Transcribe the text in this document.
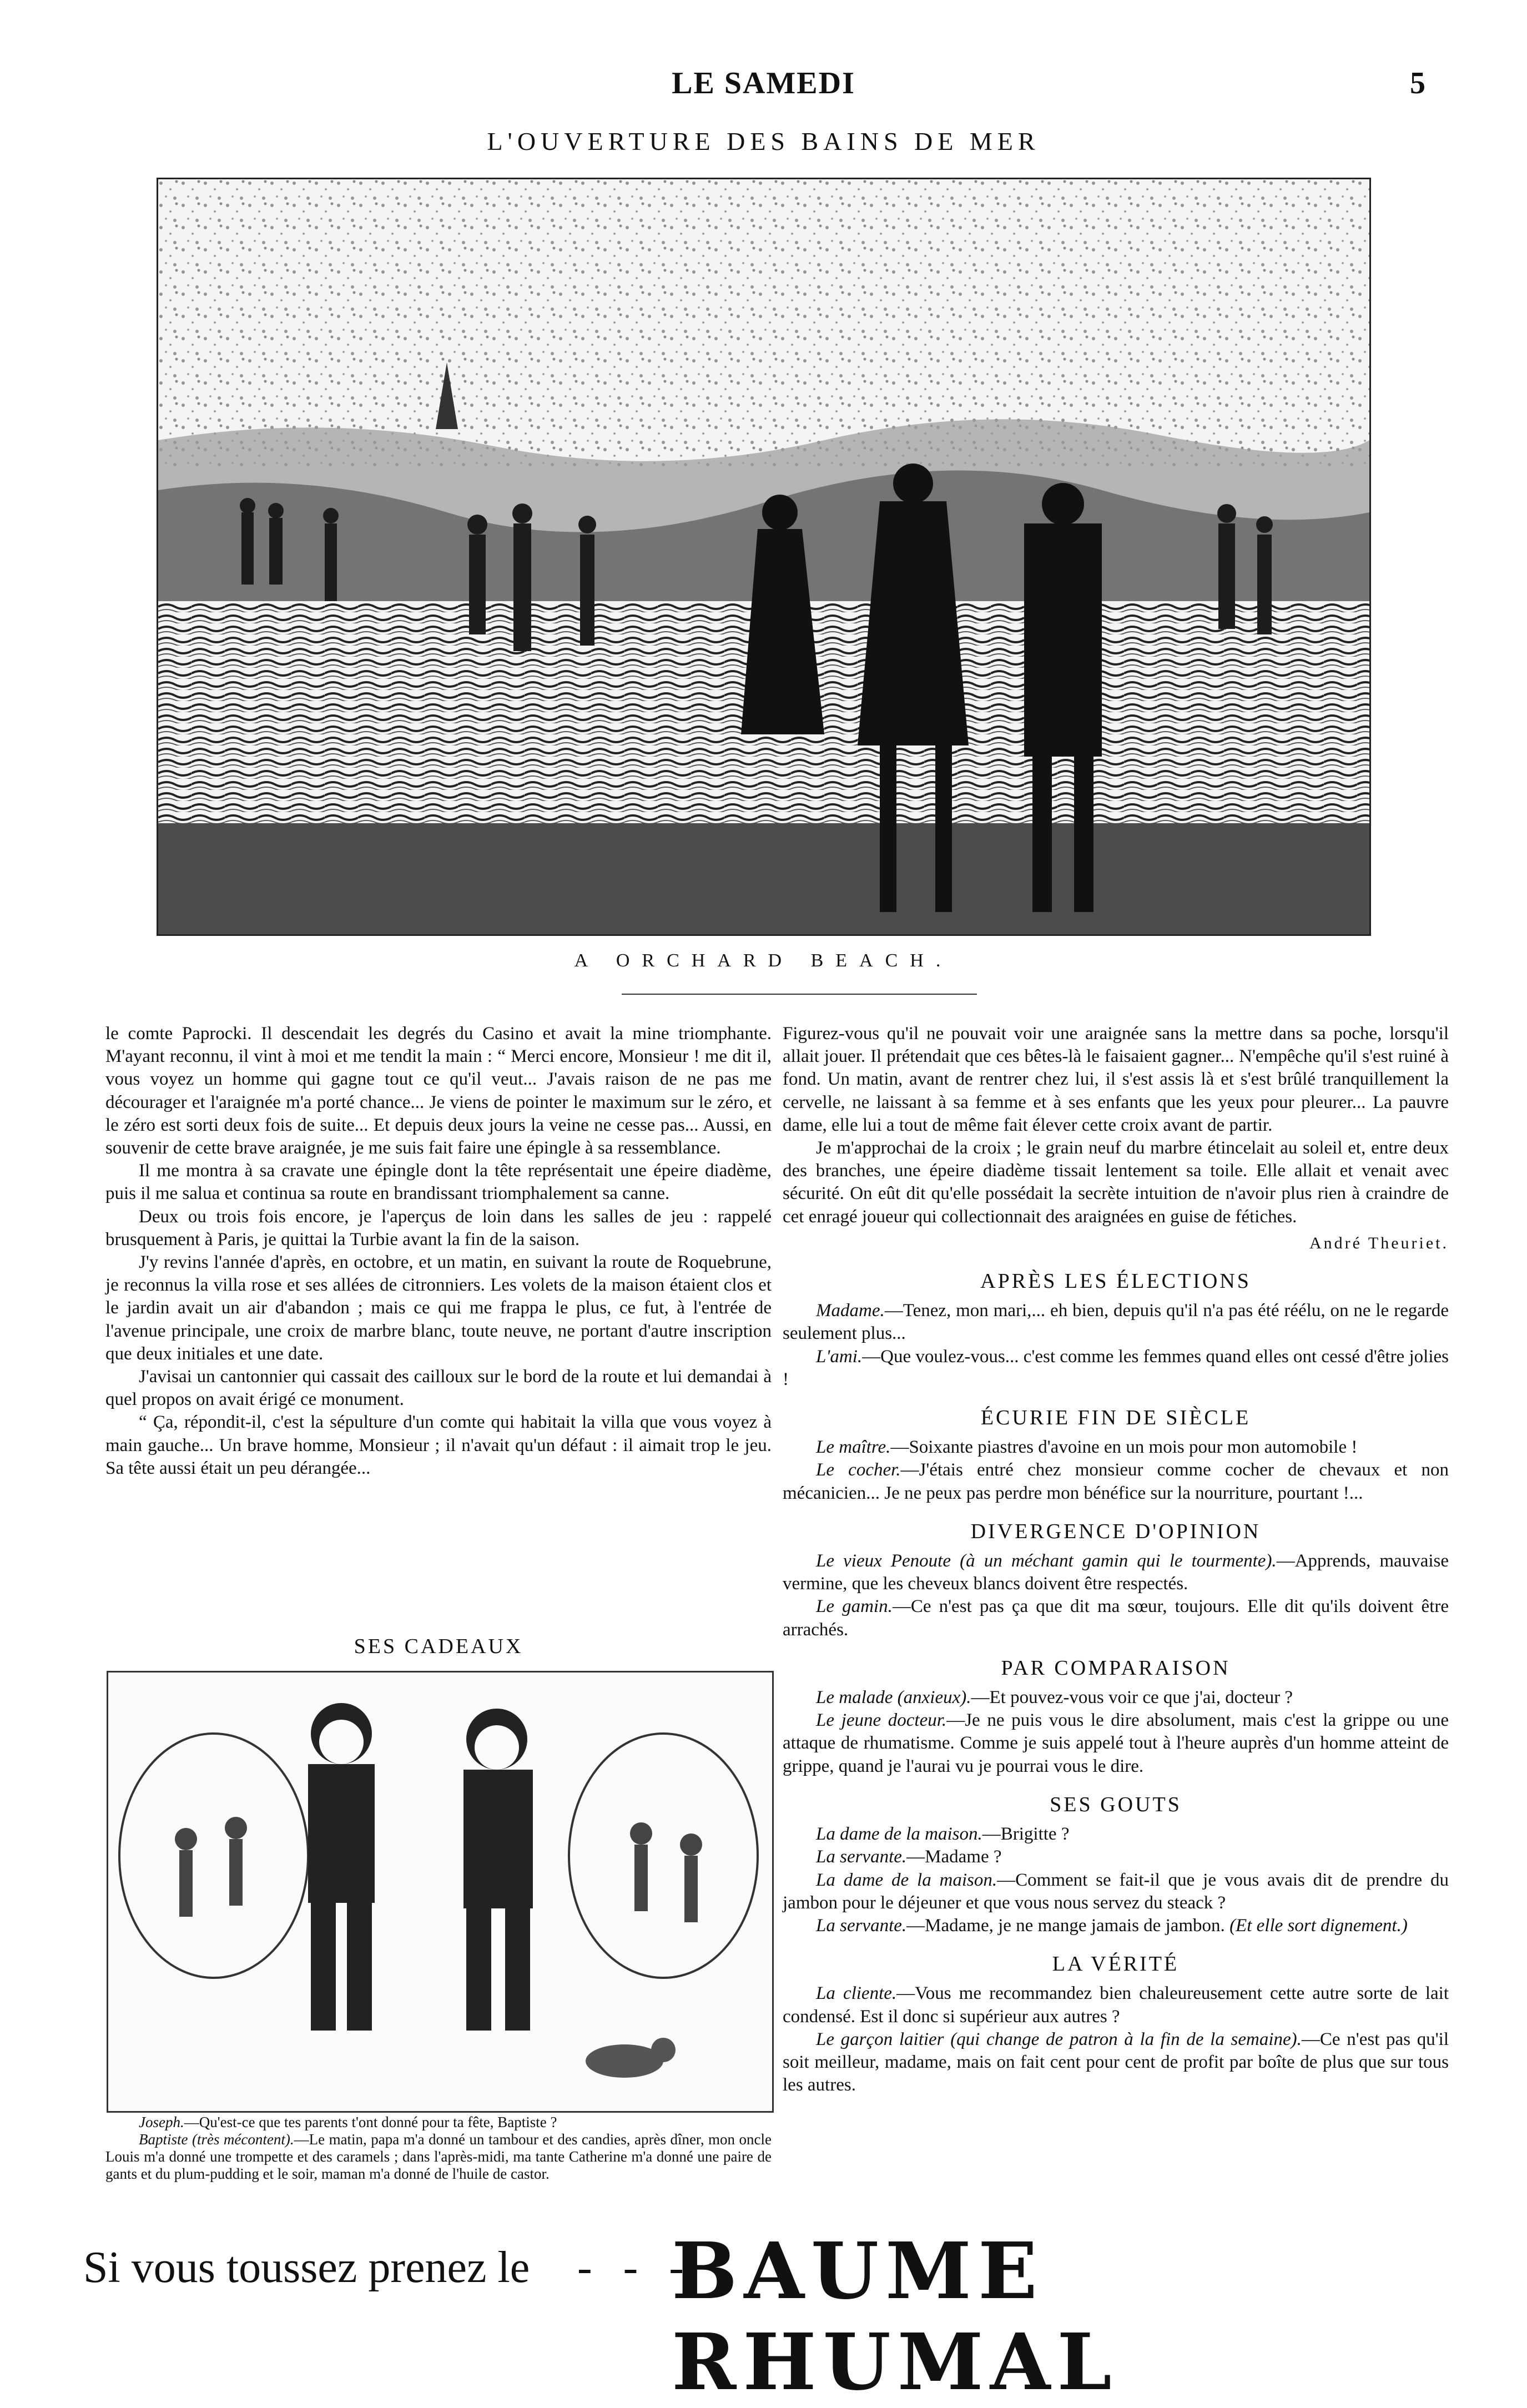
LE SAMEDI	5
L'OUVERTURE DES BAINS DE MER
A ORCHARD BEACH.

le comte Paprocki. Il descendait les degrés du Casino et avait la mine triomphante. M'ayant reconnu, il vint à moi et me tendit la main : “ Merci encore, Monsieur ! me dit il, vous voyez un homme qui gagne tout ce qu'il veut... J'avais raison de ne pas me décourager et l'araignée m'a porté chance... Je viens de pointer le maximum sur le zéro, et le zéro est sorti deux fois de suite... Et depuis deux jours la veine ne cesse pas... Aussi, en souvenir de cette brave araignée, je me suis fait faire une épingle à sa ressemblance.

Il me montra à sa cravate une épingle dont la tête représentait une épeire diadème, puis il me salua et continua sa route en brandissant triomphalement sa canne.

Deux ou trois fois encore, je l'aperçus de loin dans les salles de jeu : rappelé brusquement à Paris, je quittai la Turbie avant la fin de la saison.

J'y revins l'année d'après, en octobre, et un matin, en suivant la route de Roquebrune, je reconnus la villa rose et ses allées de citronniers. Les volets de la maison étaient clos et le jardin avait un air d'abandon ; mais ce qui me frappa le plus, ce fut, à l'entrée de l'avenue principale, une croix de marbre blanc, toute neuve, ne portant d'autre inscription que deux initiales et une date.

J'avisai un cantonnier qui cassait des cailloux sur le bord de la route et lui demandai à quel propos on avait érigé ce monument.

“ Ça, répondit-il, c'est la sépulture d'un comte qui habitait la villa que vous voyez à main gauche... Un brave homme, Monsieur ; il n'avait qu'un défaut : il aimait trop le jeu. Sa tête aussi était un peu dérangée...

SES CADEAUX

Joseph.—Qu'est-ce que tes parents t'ont donné pour ta fête, Baptiste ?

Baptiste (très mécontent).—Le matin, papa m'a donné un tambour et des candies, après dîner, mon oncle Louis m'a donné une trompette et des caramels ; dans l'après-midi, ma tante Catherine m'a donné une paire de gants et du plum-pudding et le soir, maman m'a donné de l'huile de castor.

Figurez-vous qu'il ne pouvait voir une araignée sans la mettre dans sa poche, lorsqu'il allait jouer. Il prétendait que ces bêtes-là le faisaient gagner... N'empêche qu'il s'est ruiné à fond. Un matin, avant de rentrer chez lui, il s'est assis là et s'est brûlé tranquillement la cervelle, ne laissant à sa femme et à ses enfants que les yeux pour pleurer... La pauvre dame, elle lui a tout de même fait élever cette croix avant de partir.

Je m'approchai de la croix ; le grain neuf du marbre étincelait au soleil et, entre deux des branches, une épeire diadème tissait lentement sa toile. Elle allait et venait avec sécurité. On eût dit qu'elle possédait la secrète intuition de n'avoir plus rien à craindre de cet enragé joueur qui collectionnait des araignées en guise de fétiches.

André Theuriet.
APRÈS LES ÉLECTIONS

Madame.—Tenez, mon mari,... eh bien, depuis qu'il n'a pas été réélu, on ne le regarde seulement plus...

L'ami.—Que voulez-vous... c'est comme les femmes quand elles ont cessé d'être jolies !

ÉCURIE FIN DE SIÈCLE

Le maître.—Soixante piastres d'avoine en un mois pour mon automobile !

Le cocher.—J'étais entré chez monsieur comme cocher de chevaux et non mécanicien... Je ne peux pas perdre mon bénéfice sur la nourriture, pourtant !...

DIVERGENCE D'OPINION

Le vieux Penoute (à un méchant gamin qui le tourmente).—Apprends, mauvaise vermine, que les cheveux blancs doivent être respectés.

Le gamin.—Ce n'est pas ça que dit ma sœur, toujours. Elle dit qu'ils doivent être arrachés.

PAR COMPARAISON

Le malade (anxieux).—Et pouvez-vous voir ce que j'ai, docteur ?

Le jeune docteur.—Je ne puis vous le dire absolument, mais c'est la grippe ou une attaque de rhumatisme. Comme je suis appelé tout à l'heure auprès d'un homme atteint de grippe, quand je l'aurai vu je pourrai vous le dire.

SES GOUTS

La dame de la maison.—Brigitte ?

La servante.—Madame ?

La dame de la maison.—Comment se fait-il que je vous avais dit de prendre du jambon pour le déjeuner et que vous nous servez du steack ?

La servante.—Madame, je ne mange jamais de jambon. (Et elle sort dignement.)

LA VÉRITÉ

La cliente.—Vous me recommandez bien chaleureusement cette autre sorte de lait condensé. Est il donc si supérieur aux autres ?

Le garçon laitier (qui change de patron à la fin de la semaine).—Ce n'est pas qu'il soit meilleur, madame, mais on fait cent pour cent de profit par boîte de plus que sur tous les autres.

Si vous toussez prenez le - - -
BAUME RHUMAL
